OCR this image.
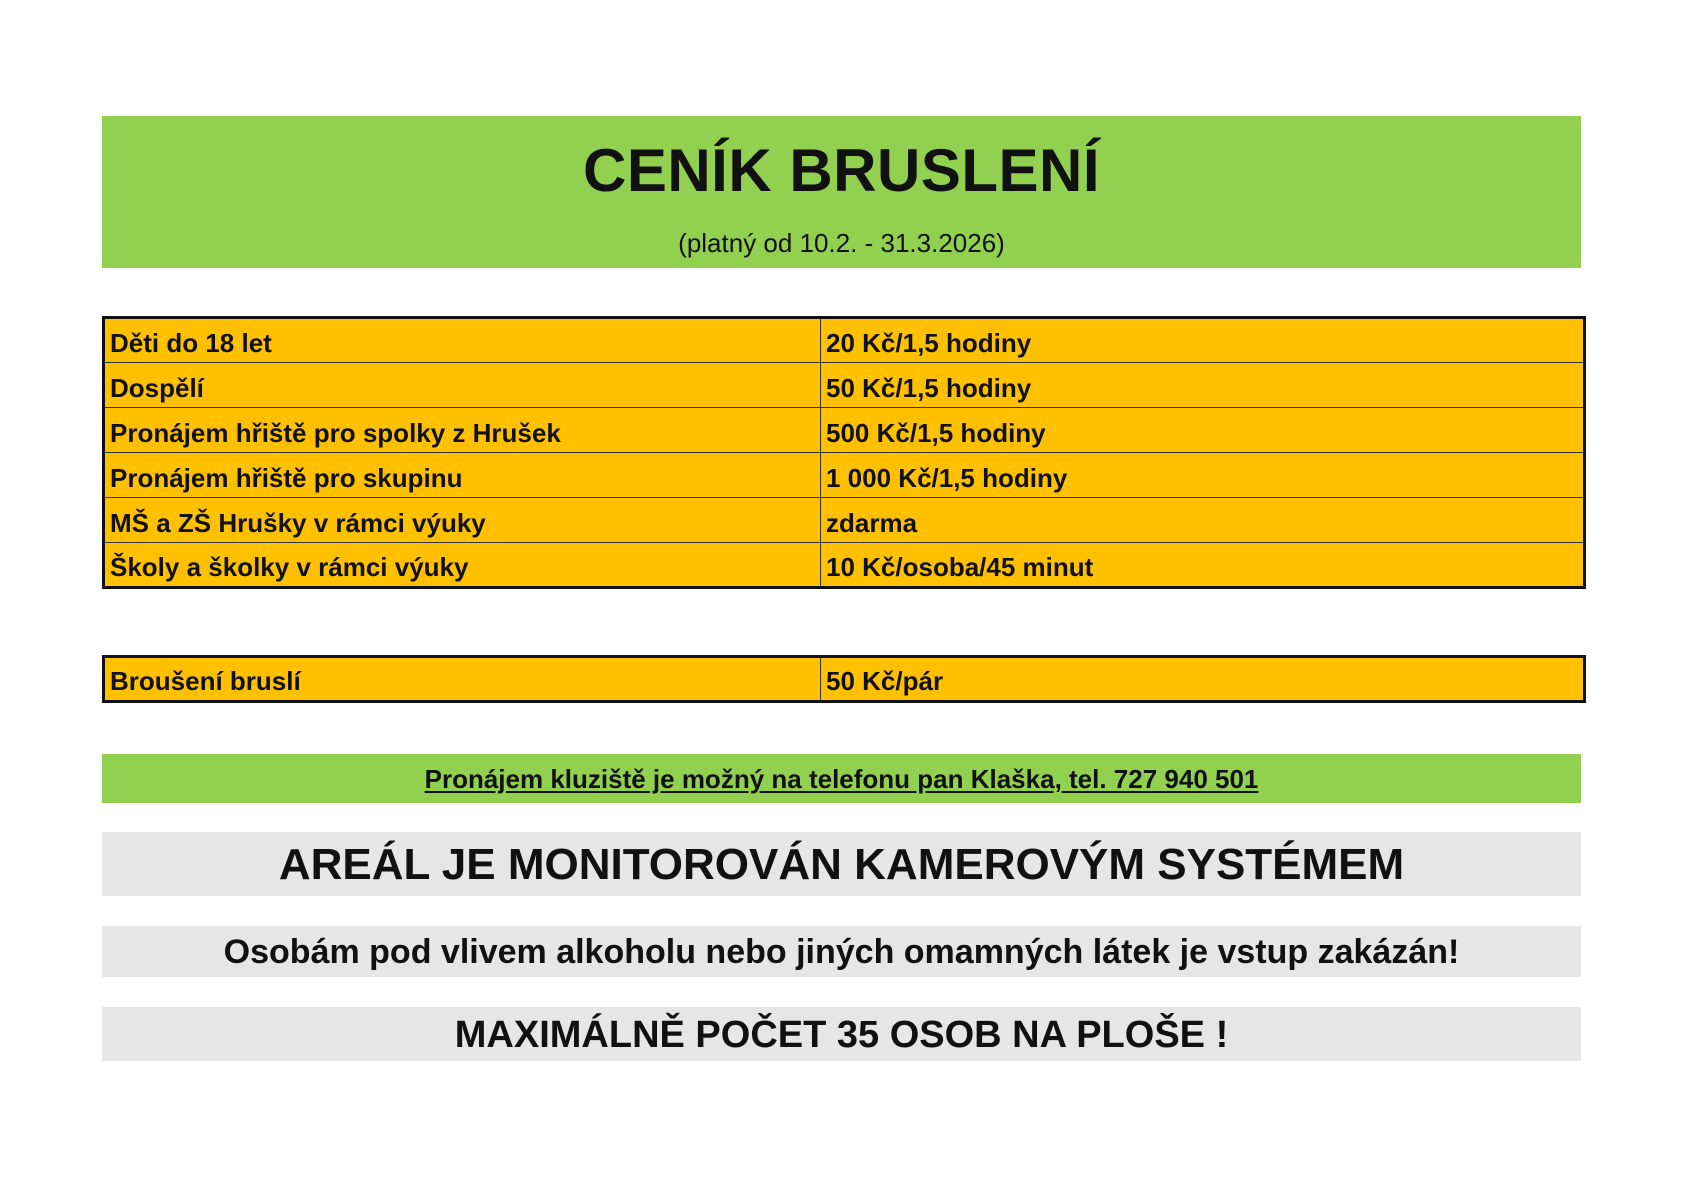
CENÍK BRUSLENÍ
(platný od 10.2. - 31.3.2026)
Děti do 18 let	20 Kč/1,5 hodiny
Dospělí	50 Kč/1,5 hodiny
Pronájem hřiště pro spolky z Hrušek	500 Kč/1,5 hodiny
Pronájem hřiště pro skupinu	1 000 Kč/1,5 hodiny
MŠ a ZŠ Hrušky v rámci výuky	zdarma
Školy a školky v rámci výuky	10 Kč/osoba/45 minut
Broušení bruslí	50 Kč/pár
Pronájem kluziště je možný na telefonu pan Klaška, tel. 727 940 501
AREÁL JE MONITOROVÁN KAMEROVÝM SYSTÉMEM
Osobám pod vlivem alkoholu nebo jiných omamných látek je vstup zakázán!
MAXIMÁLNĚ POČET 35 OSOB NA PLOŠE !
